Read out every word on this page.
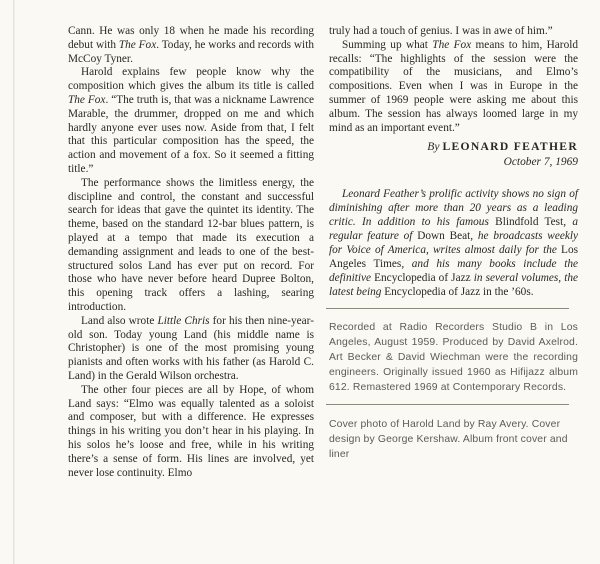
Cann. He was only 18 when he made his recording debut with The Fox. Today, he works and records with McCoy Tyner.

Harold explains few people know why the composition which gives the album its title is called The Fox. “The truth is, that was a nickname Lawrence Marable, the drummer, dropped on me and which hardly anyone ever uses now. Aside from that, I felt that this particular composition has the speed, the action and movement of a fox. So it seemed a fitting title.”

The performance shows the limitless energy, the discipline and control, the constant and successful search for ideas that gave the quintet its identity. The theme, based on the standard 12-bar blues pattern, is played at a tempo that made its execution a demanding assignment and leads to one of the best-structured solos Land has ever put on record. For those who have never before heard Dupree Bolton, this opening track offers a lashing, searing introduction.

Land also wrote Little Chris for his then nine-year-old son. Today young Land (his middle name is Christopher) is one of the most promising young pianists and often works with his father (as Harold C. Land) in the Gerald Wilson orchestra.

The other four pieces are all by Hope, of whom Land says: “Elmo was equally talented as a soloist and composer, but with a difference. He expresses things in his writing you don’t hear in his playing. In his solos he’s loose and free, while in his writing there’s a sense of form. His lines are involved, yet never lose continuity. Elmo

truly had a touch of genius. I was in awe of him.”

Summing up what The Fox means to him, Harold recalls: “The highlights of the session were the compatibility of the musicians, and Elmo’s compositions. Even when I was in Europe in the summer of 1969 people were asking me about this album. The session has always loomed large in my mind as an important event.”

By LEONARD FEATHER
October 7, 1969

Leonard Feather’s prolific activity shows no sign of diminishing after more than 20 years as a leading critic. In addition to his famous Blindfold Test, a regular feature of Down Beat, he broadcasts weekly for Voice of America, writes almost daily for the Los Angeles Times, and his many books include the definitive Encyclopedia of Jazz in several volumes, the latest being Encyclopedia of Jazz in the ’60s.

Recorded at Radio Recorders Studio B in Los Angeles, August 1959. Produced by David Axelrod. Art Becker & David Wiechman were the recording engineers. Originally issued 1960 as Hifijazz album 612. Remastered 1969 at Contemporary Records.

Cover photo of Harold Land by Ray Avery. Cover design by George Kershaw. Album front cover and liner
